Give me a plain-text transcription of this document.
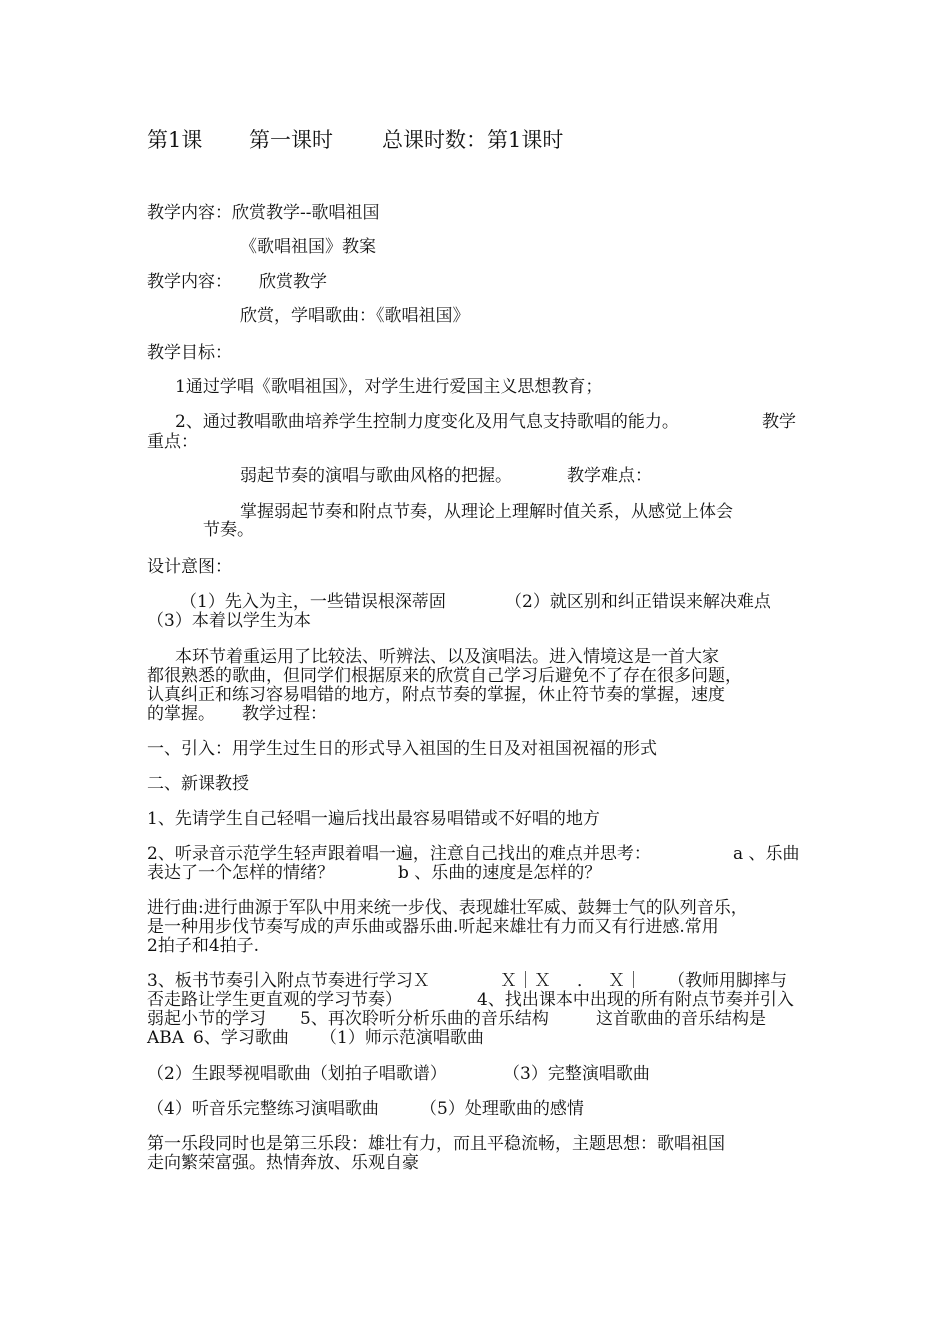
第1课 第一课时 总课时数：第1课时
教学内容：欣赏教学--歌唱祖国
《歌唱祖国》教案
教学内容： 欣赏教学
欣赏，学唱歌曲：《歌唱祖国》
教学目标：
1通过学唱《歌唱祖国》，对学生进行爱国主义思想教育；
2、通过教唱歌曲培养学生控制力度变化及用气息支持歌唱的能力。	教学
重点：
弱起节奏的演唱与歌曲风格的把握。	教学难点：
掌握弱起节奏和附点节奏，从理论上理解时值关系，从感觉上体会
节奏。
设计意图：
（1）先入为主，一些错误根深蒂固	（2）就区别和纠正错误来解决难点
（3）本着以学生为本
本环节着重运用了比较法、听辨法、以及演唱法。进入情境这是一首大家
都很熟悉的歌曲，但同学们根据原来的欣赏自己学习后避免不了存在很多问题，
认真纠正和练习容易唱错的地方，附点节奏的掌握，休止符节奏的掌握，速度
的掌握。 教学过程：
一、引入：用学生过生日的形式导入祖国的生日及对祖国祝福的形式
二、新课教授
1、先请学生自己轻唱一遍后找出最容易唱错或不好唱的地方
2、听录音示范学生轻声跟着唱一遍，注意自己找出的难点并思考：	a 、乐曲
表达了一个怎样的情绪？	b 、乐曲的速度是怎样的？
进行曲:进行曲源于军队中用来统一步伐、表现雄壮军威、鼓舞士气的队列音乐，
是一种用步伐节奏写成的声乐曲或器乐曲.听起来雄壮有力而又有行进感.常用
2拍子和4拍子.
3、板书节奏引入附点节奏进行学习Ｘ	Ｘ｜Ｘ ． Ｘ｜ （教师用脚摔与
否走路让学生更直观的学习节奏）	4、找出课本中出现的所有附点节奏并引入
弱起小节的学习 5、再次聆听分析乐曲的音乐结构	这首歌曲的音乐结构是
ABA 6、学习歌曲 （1）师示范演唱歌曲
（2）生跟琴视唱歌曲（划拍子唱歌谱）	（3）完整演唱歌曲
（4）听音乐完整练习演唱歌曲 （5）处理歌曲的感情
第一乐段同时也是第三乐段：雄壮有力，而且平稳流畅，主题思想：歌唱祖国
走向繁荣富强。热情奔放、乐观自豪
